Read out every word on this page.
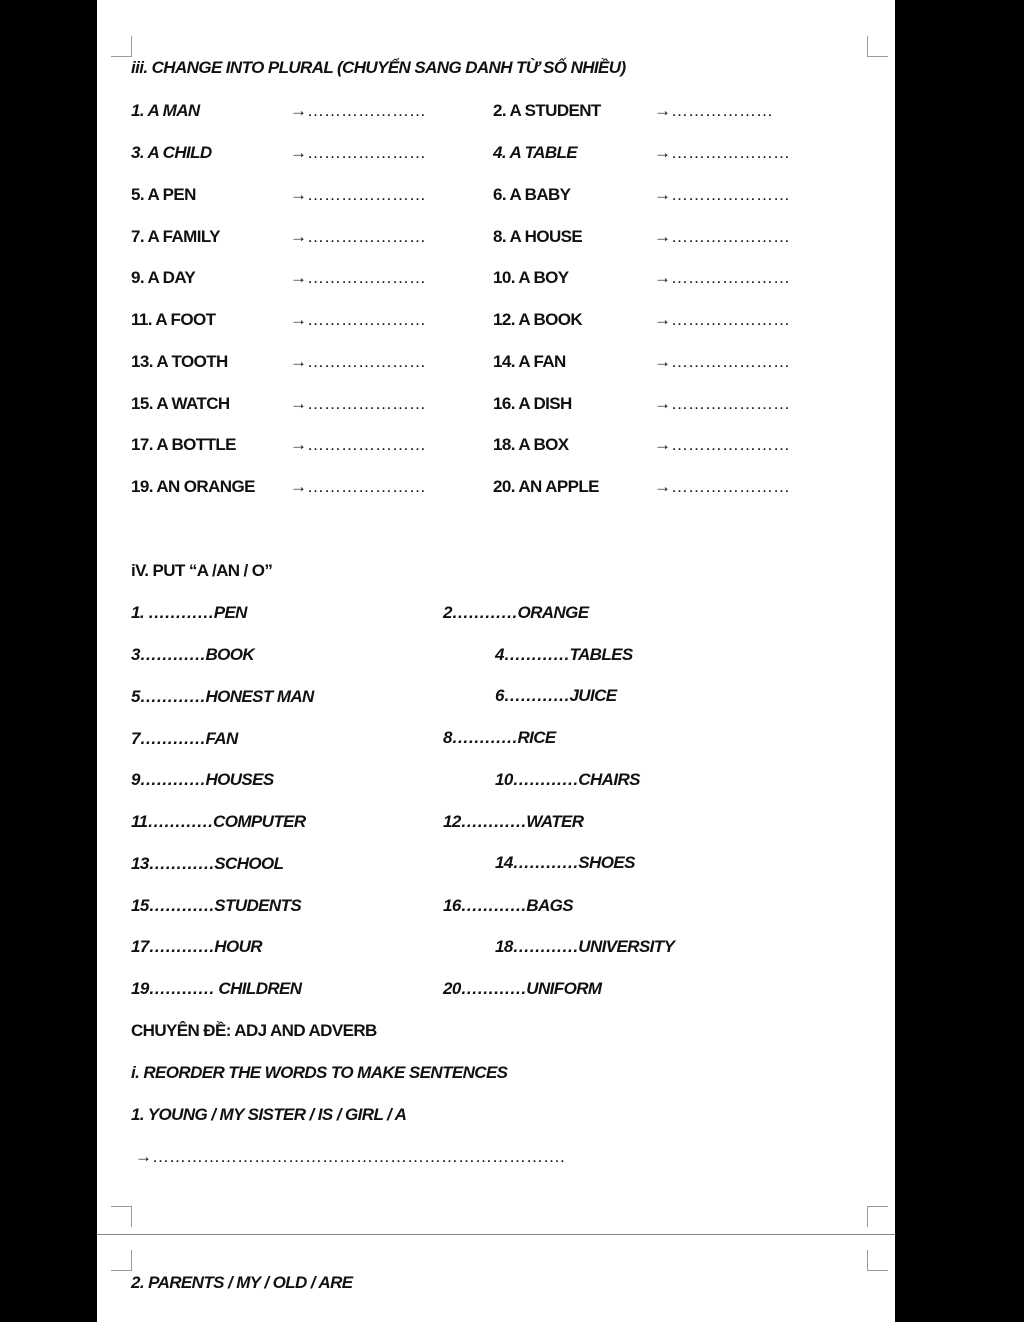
iii. CHANGE INTO PLURAL (CHUYỂN SANG DANH TỪ SỐ NHIỀU)
1. A MAN	→…………………	2. A STUDENT	→………………
3. A CHILD	→…………………	4. A TABLE	→…………………
5. A PEN	→…………………	6. A BABY	→…………………
7. A FAMILY	→…………………	8. A HOUSE	→…………………
9. A DAY	→…………………	10. A BOY	→…………………
11. A FOOT	→…………………	12. A BOOK	→…………………
13. A TOOTH	→…………………	14. A FAN	→…………………
15. A WATCH	→…………………	16. A DISH	→…………………
17. A BOTTLE	→…………………	18. A BOX	→…………………
19. AN ORANGE →…………………	20. AN APPLE	→…………………
iV. PUT “A /AN / O”
1. …………PEN	2…………ORANGE
3…………BOOK	4…………TABLES
5…………HONEST MAN	6…………JUICE
7…………FAN	8…………RICE
9…………HOUSES	10…………CHAIRS
11…………COMPUTER	12…………WATER
13…………SCHOOL	14…………SHOES
15…………STUDENTS	16…………BAGS
17…………HOUR	18…………UNIVERSITY
19………… CHILDREN	20…………UNIFORM
CHUYÊN ĐỀ: ADJ AND ADVERB
i. REORDER THE WORDS TO MAKE SENTENCES
1. YOUNG / MY SISTER / IS / GIRL / A
→……………………………………………………………….
2. PARENTS / MY / OLD / ARE
